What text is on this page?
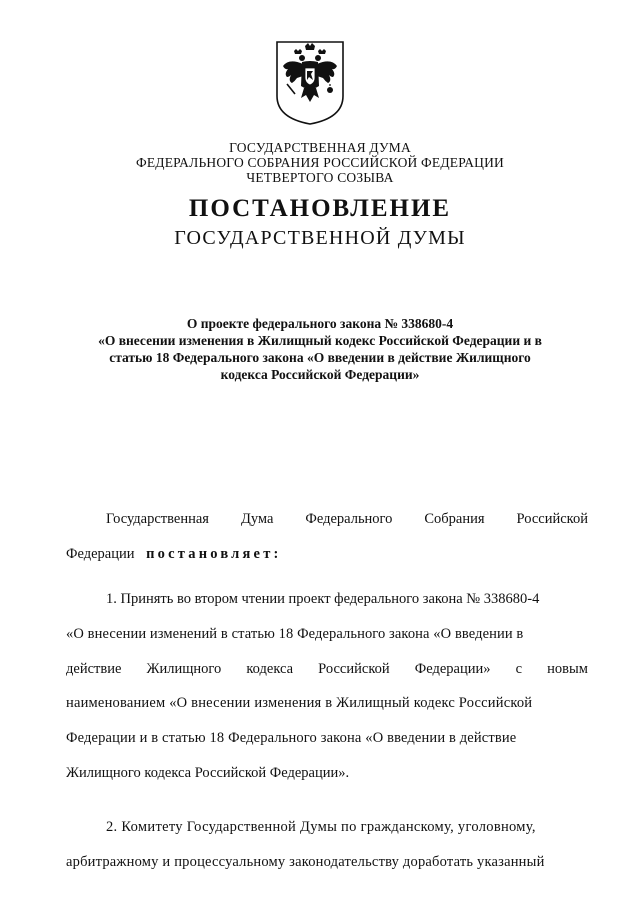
ГОСУДАРСТВЕННАЯ ДУМА
ФЕДЕРАЛЬНОГО СОБРАНИЯ РОССИЙСКОЙ ФЕДЕРАЦИИ
ЧЕТВЕРТОГО СОЗЫВА
ПОСТАНОВЛЕНИЕ
ГОСУДАРСТВЕННОЙ ДУМЫ
О проекте федерального закона № 338680-4
«О внесении изменения в Жилищный кодекс Российской Федерации и в
статью 18 Федерального закона «О введении в действие Жилищного
кодекса Российской Федерации»
Государственная Дума Федерального Собрания Российской
Федерации постановляет:
1. Принять во втором чтении проект федерального закона № 338680-4
«О внесении изменений в статью 18 Федерального закона «О введении в
действие Жилищного кодекса Российской Федерации» с новым
наименованием «О внесении изменения в Жилищный кодекс Российской
Федерации и в статью 18 Федерального закона «О введении в действие
Жилищного кодекса Российской Федерации».
2. Комитету Государственной Думы по гражданскому, уголовному,
арбитражному и процессуальному законодательству доработать указанный
